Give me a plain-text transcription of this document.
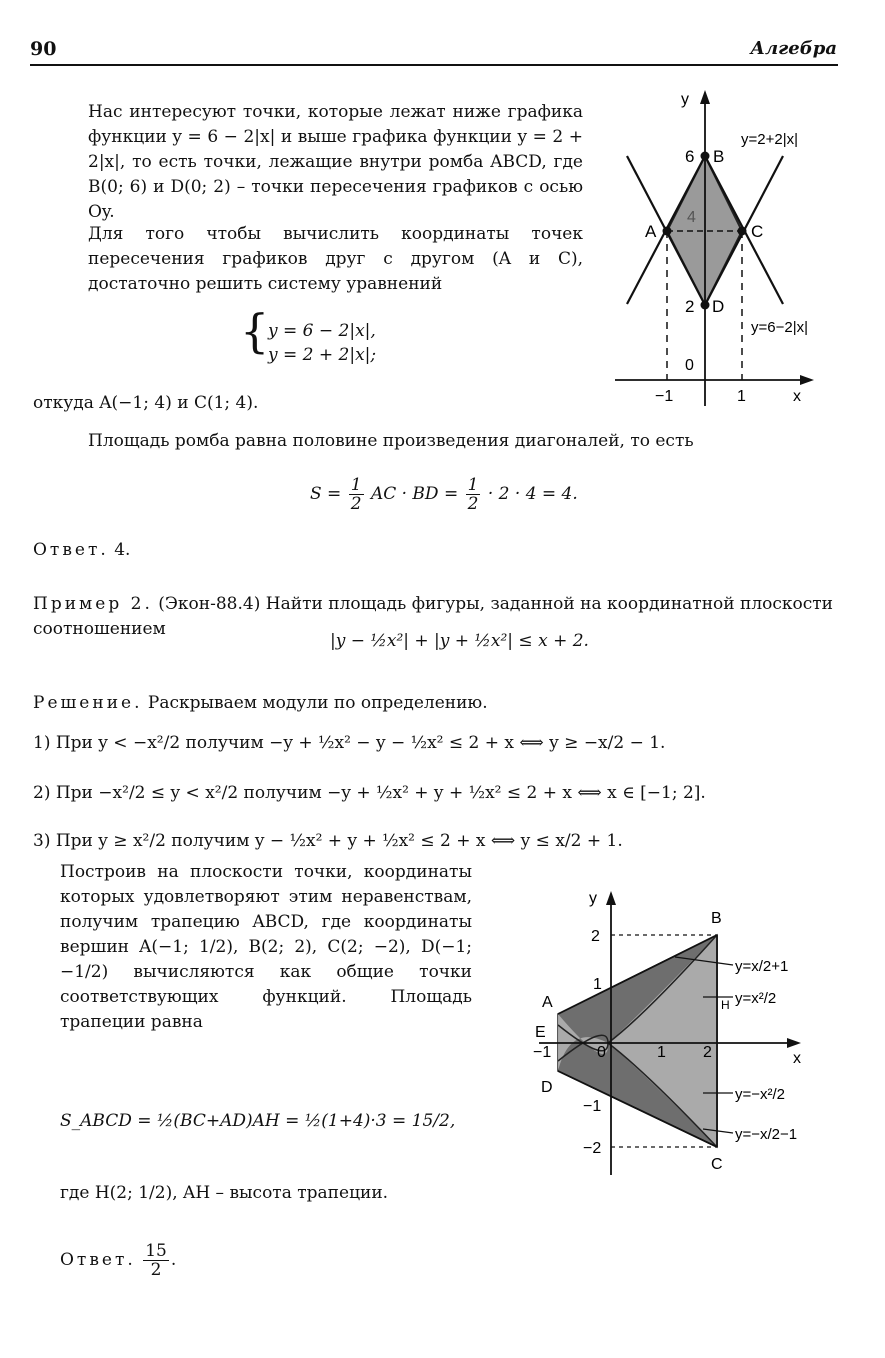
90	Алгебра
Нас интересуют точки, которые лежат ниже графика функции y = 6 − 2|x| и выше графика функции y = 2 + 2|x|, то есть точки, лежащие внутри ромба ABCD, где B(0; 6) и D(0; 2) – точки пересечения графиков с осью Oy.
Для того чтобы вычислить координаты точек пересечения графиков друг с другом (A и C), достаточно решить систему уравнений
{
y = 6 − 2|x|,
y = 2 + 2|x|;
откуда A(−1; 4) и C(1; 4).
Площадь ромба равна половине произведения диагоналей, то есть
$S = \frac{1}{2}$ AC · BD = $\frac{1}{2} \cdot 2 \cdot 4 = 4$.
Ответ. 4.
y
x
6 B
A	C
4
2 D
0
−1	1
y=2+2|x|
y=6−2|x|
Пример 2. (Экон-88.4) Найти площадь фигуры, заданной на координатной плоскости соотношением
|y − ½x²| + |y + ½x²| ≤ x + 2.
Решение. Раскрываем модули по определению.
1) При y < −x²/2 получим −y + ½x² − y − ½x² ≤ 2 + x ⟺ y ≥ −x/2 − 1.
2) При −x²/2 ≤ y < x²/2 получим −y + ½x² + y + ½x² ≤ 2 + x ⟺ x ∈ [−1; 2].
3) При y ≥ x²/2 получим y − ½x² + y + ½x² ≤ 2 + x ⟺ y ≤ x/2 + 1.
Построив на плоскости точки, координаты которых удовлетворяют этим неравенствам, получим трапецию ABCD, где координаты вершин A(−1; 1/2), B(2; 2), C(2; −2), D(−1; −1/2) вычисляются как общие точки соответствующих функций. Площадь трапеции равна
S_ABCD = ½(BC+AD)AH = ½(1+4)·3 = 15/2,
где H(2; 1/2), AH – высота трапеции.
Ответ. $\frac{15}{2}$ .
y
x
B
A
E
D
C
H
2
1
−1
−2
−1	0	1 2
y=x/2+1
y=x²/2
y=−x²/2
y=−x/2−1
